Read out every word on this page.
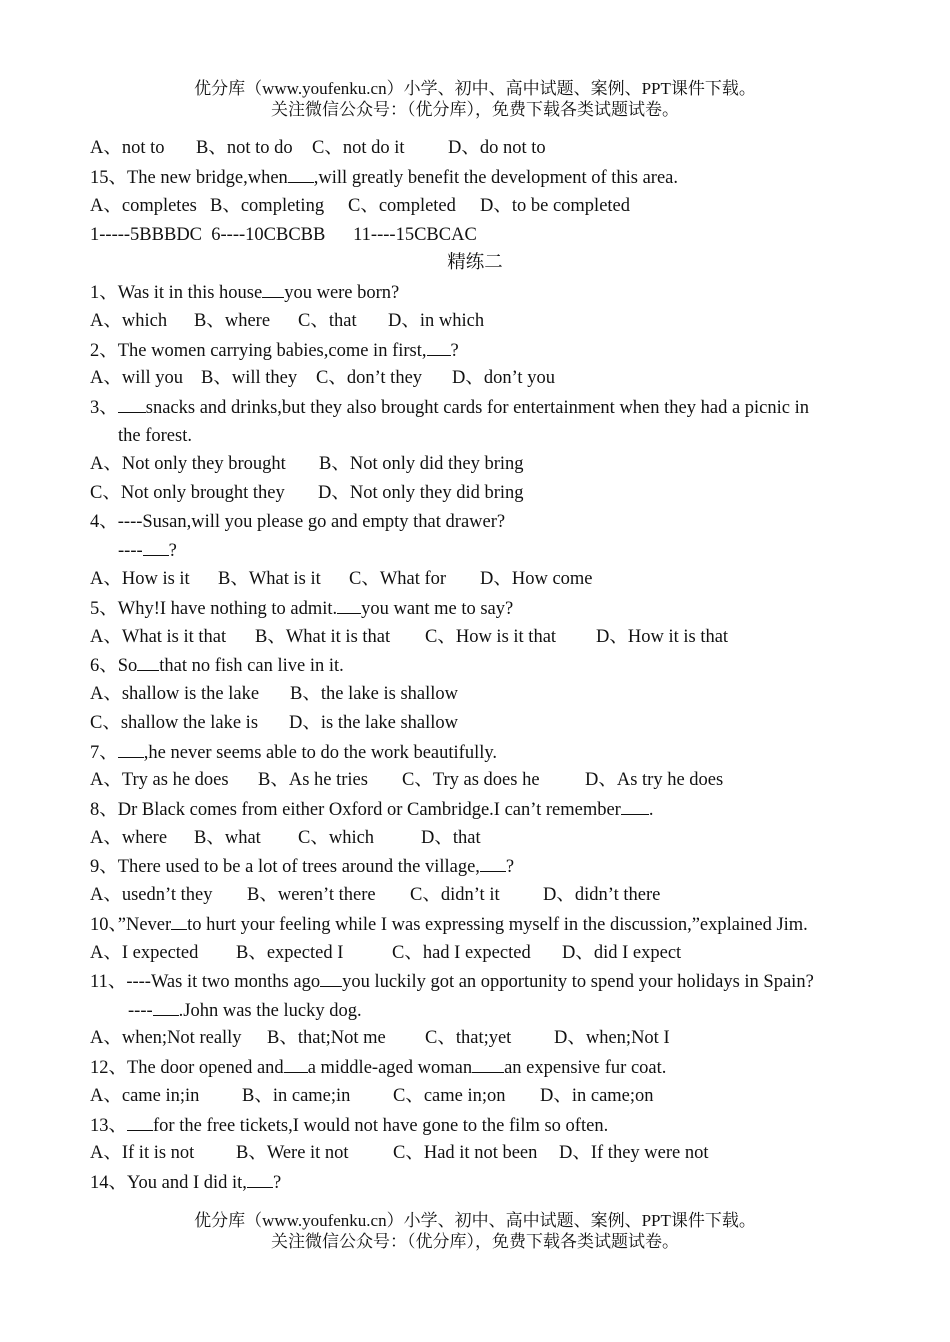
优分库（www.youfenku.cn）小学、初中、高中试题、案例、PPT课件下载。
关注微信公众号：（优分库），免费下载各类试题试卷。
A、not to B、not to do C、not do it D、do not to
15、The new bridge,when ,will greatly benefit the development of this area.
A、completes B、completing C、completed D、to be completed
1-----5BBBDC  6----10CBCBB      11----15CBCAC
精练二
1、Was it in this house you were born?
A、which B、where C、that D、in which
2、The women carrying babies,come in first, ?
A、will you B、will they C、don’t they D、don’t you
3、 snacks and drinks,but they also brought cards for entertainment when they had a picnic in
the forest.
A、Not only they brought B、Not only did they bring
C、Not only brought they D、Not only they did bring
4、----Susan,will you please go and empty that drawer?
---- ?
A、How is it B、What is it C、What for D、How come
5、Why!I have nothing to admit. you want me to say?
A、What is it that B、What it is that C、How is it that D、How it is that
6、So that no fish can live in it.
A、shallow is the lake B、the lake is shallow
C、shallow the lake is D、is the lake shallow
7、 ,he never seems able to do the work beautifully.
A、Try as he does B、As he tries C、Try as does he D、As try he does
8、Dr Black comes from either Oxford or Cambridge.I can’t remember .
A、where B、what C、which	D、that
9、There used to be a lot of trees around the village, ?
A、usedn’t they B、weren’t there C、didn’t it D、didn’t there
10、”Never to hurt your feeling while I was expressing myself in the discussion,”explained Jim.
A、I expected B、expected I	C、had I expected D、did I expect
11、----Was it two months ago you luckily got an opportunity to spend your holidays in Spain?
---- .John was the lucky dog.
A、when;Not really B、that;Not me C、that;yet D、when;Not I
12、The door opened and a middle-aged woman an expensive fur coat.
A、came in;in B、in came;in C、came in;on D、in came;on
13、 for the free tickets,I would not have gone to the film so often.
A、If it is not B、Were it not C、Had it not been D、If they were not
14、You and I did it, ?
优分库（www.youfenku.cn）小学、初中、高中试题、案例、PPT课件下载。
关注微信公众号：（优分库），免费下载各类试题试卷。
